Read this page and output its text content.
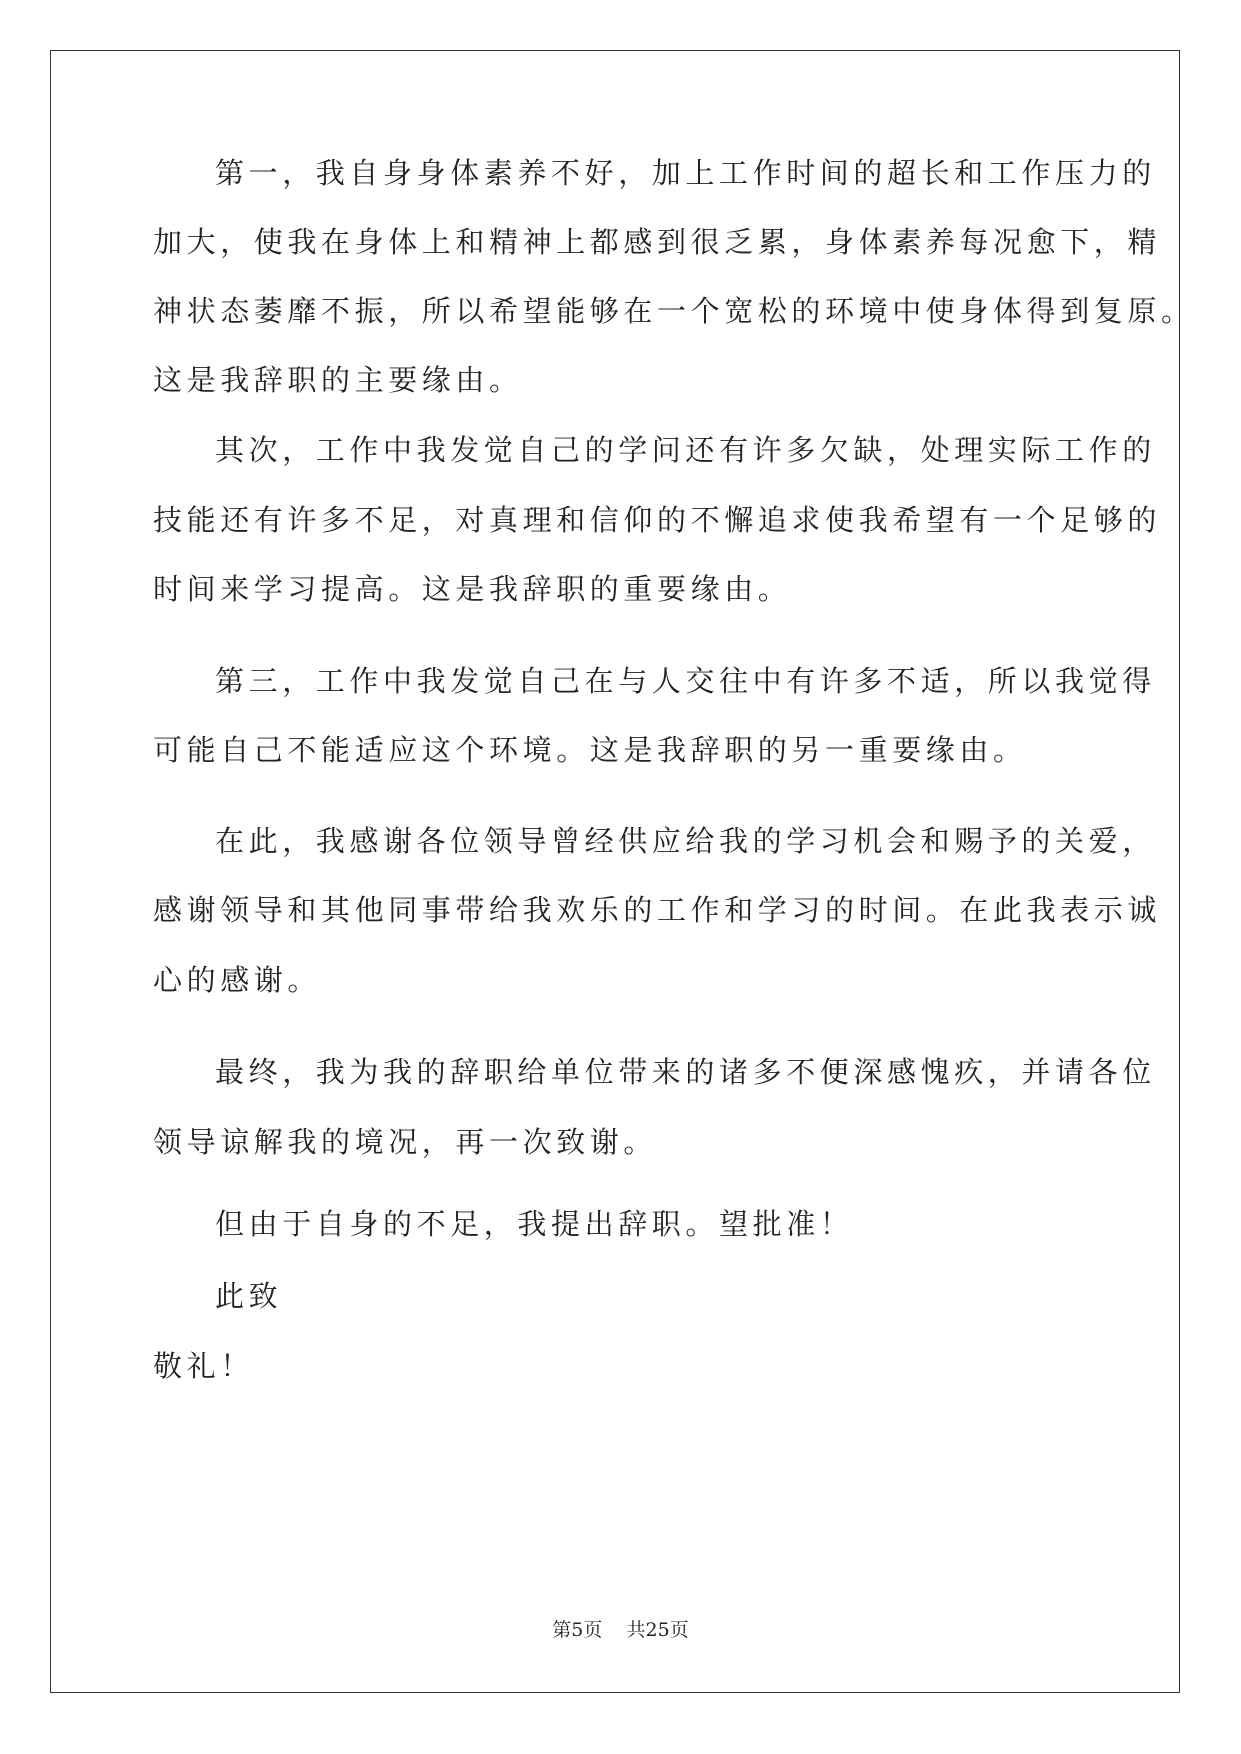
第一，我自身身体素养不好，加上工作时间的超长和工作压力的
加大，使我在身体上和精神上都感到很乏累，身体素养每况愈下，精
神状态萎靡不振，所以希望能够在一个宽松的环境中使身体得到复原。
这是我辞职的主要缘由。
其次，工作中我发觉自己的学问还有许多欠缺，处理实际工作的
技能还有许多不足，对真理和信仰的不懈追求使我希望有一个足够的
时间来学习提高。这是我辞职的重要缘由。
第三，工作中我发觉自己在与人交往中有许多不适，所以我觉得
可能自己不能适应这个环境。这是我辞职的另一重要缘由。
在此，我感谢各位领导曾经供应给我的学习机会和赐予的关爱，
感谢领导和其他同事带给我欢乐的工作和学习的时间。在此我表示诚
心的感谢。
最终，我为我的辞职给单位带来的诸多不便深感愧疚，并请各位
领导谅解我的境况，再一次致谢。
但由于自身的不足，我提出辞职。望批准！
此致
敬礼！
第5页 共25页
